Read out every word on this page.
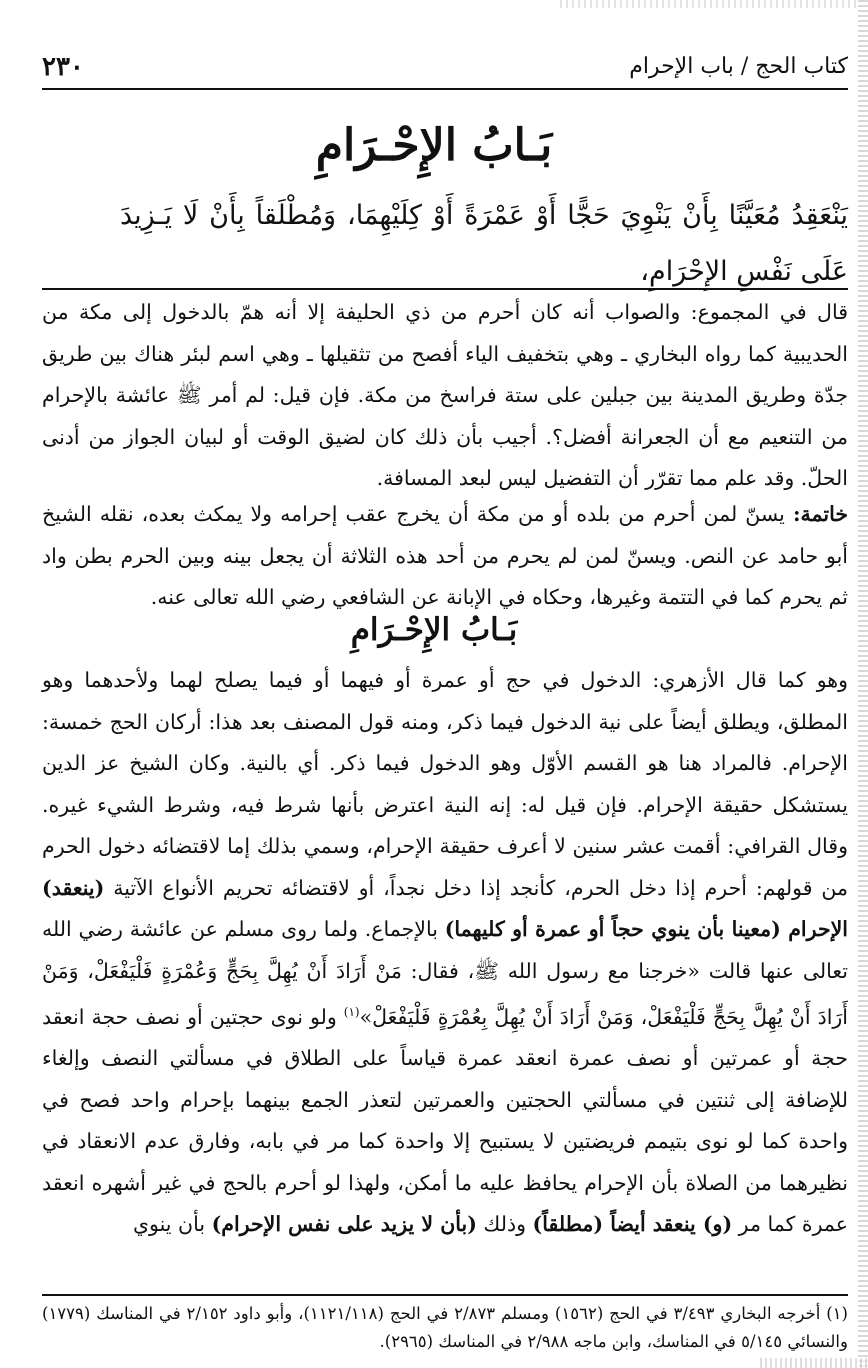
٢٣٠	كتاب الحج / باب الإحرام
بَـابُ الإِحْـرَامِ
يَنْعَقِدُ مُعَيَّنًا بِأَنْ يَنْوِيَ حَجًّا أَوْ عَمْرَةً أَوْ كِلَيْهِمَا، وَمُطْلَقاً بِأَنْ لَا يَـزِيدَ عَلَى نَفْسِ الإِحْرَامِ،
قال في المجموع: والصواب أنه كان أحرم من ذي الحليفة إلا أنه همّ بالدخول إلى مكة من الحديبية كما رواه البخاري ـ وهي بتخفيف الياء أفصح من تثقيلها ـ وهي اسم لبئر هناك بين طريق جدّة وطريق المدينة بين جبلين على ستة فراسخ من مكة. فإن قيل: لم أمر ﷺ عائشة بالإحرام من التنعيم مع أن الجعرانة أفضل؟. أجيب بأن ذلك كان لضيق الوقت أو لبيان الجواز من أدنى الحلّ. وقد علم مما تقرّر أن التفضيل ليس لبعد المسافة.
خاتمة: يسنّ لمن أحرم من بلده أو من مكة أن يخرج عقب إحرامه ولا يمكث بعده، نقله الشيخ أبو حامد عن النص. ويسنّ لمن لم يحرم من أحد هذه الثلاثة أن يجعل بينه وبين الحرم بطن واد ثم يحرم كما في التتمة وغيرها، وحكاه في الإبانة عن الشافعي رضي الله تعالى عنه.
بَـابُ الإِحْـرَامِ
وهو كما قال الأزهري: الدخول في حج أو عمرة أو فيهما أو فيما يصلح لهما ولأحدهما وهو المطلق، ويطلق أيضاً على نية الدخول فيما ذكر، ومنه قول المصنف بعد هذا: أركان الحج خمسة: الإحرام. فالمراد هنا هو القسم الأوّل وهو الدخول فيما ذكر. أي بالنية. وكان الشيخ عز الدين يستشكل حقيقة الإحرام. فإن قيل له: إنه النية اعترض بأنها شرط فيه، وشرط الشيء غيره. وقال القرافي: أقمت عشر سنين لا أعرف حقيقة الإحرام، وسمي بذلك إما لاقتضائه دخول الحرم من قولهم: أحرم إذا دخل الحرم، كأنجد إذا دخل نجداً، أو لاقتضائه تحريم الأنواع الآتية (ينعقد) الإحرام (معينا بأن ينوي حجاً أو عمرة أو كليهما) بالإجماع. ولما روى مسلم عن عائشة رضي الله تعالى عنها قالت «خرجنا مع رسول الله ﷺ، فقال: مَنْ أَرَادَ أَنْ يُهِلَّ بِحَجٍّ وَعُمْرَةٍ فَلْيَفْعَلْ، وَمَنْ أَرَادَ أَنْ يُهِلَّ بِحَجٍّ فَلْيَفْعَلْ، وَمَنْ أَرَادَ أَنْ يُهِلَّ بِعُمْرَةٍ فَلْيَفْعَلْ»$^{(١)}$ ولو نوى حجتين أو نصف حجة انعقد حجة أو عمرتين أو نصف عمرة انعقد عمرة قياساً على الطلاق في مسألتي النصف وإلغاء للإضافة إلى ثنتين في مسألتي الحجتين والعمرتين لتعذر الجمع بينهما بإحرام واحد فصح في واحدة كما لو نوى بتيمم فريضتين لا يستبيح إلا واحدة كما مر في بابه، وفارق عدم الانعقاد في نظيرهما من الصلاة بأن الإحرام يحافظ عليه ما أمكن، ولهذا لو أحرم بالحج في غير أشهره انعقد عمرة كما مر (و) ينعقد أيضاً (مطلقاً) وذلك (بأن لا يزيد على نفس الإحرام) بأن ينوي
(١) أخرجه البخاري ٣/٤٩٣ في الحج (١٥٦٢) ومسلم ٢/٨٧٣ في الحج (١١٢١/١١٨)، وأبو داود ٢/١٥٢ في المناسك (١٧٧٩) والنسائي ٥/١٤٥ في المناسك، وابن ماجه ٢/٩٨٨ في المناسك (٢٩٦٥).
